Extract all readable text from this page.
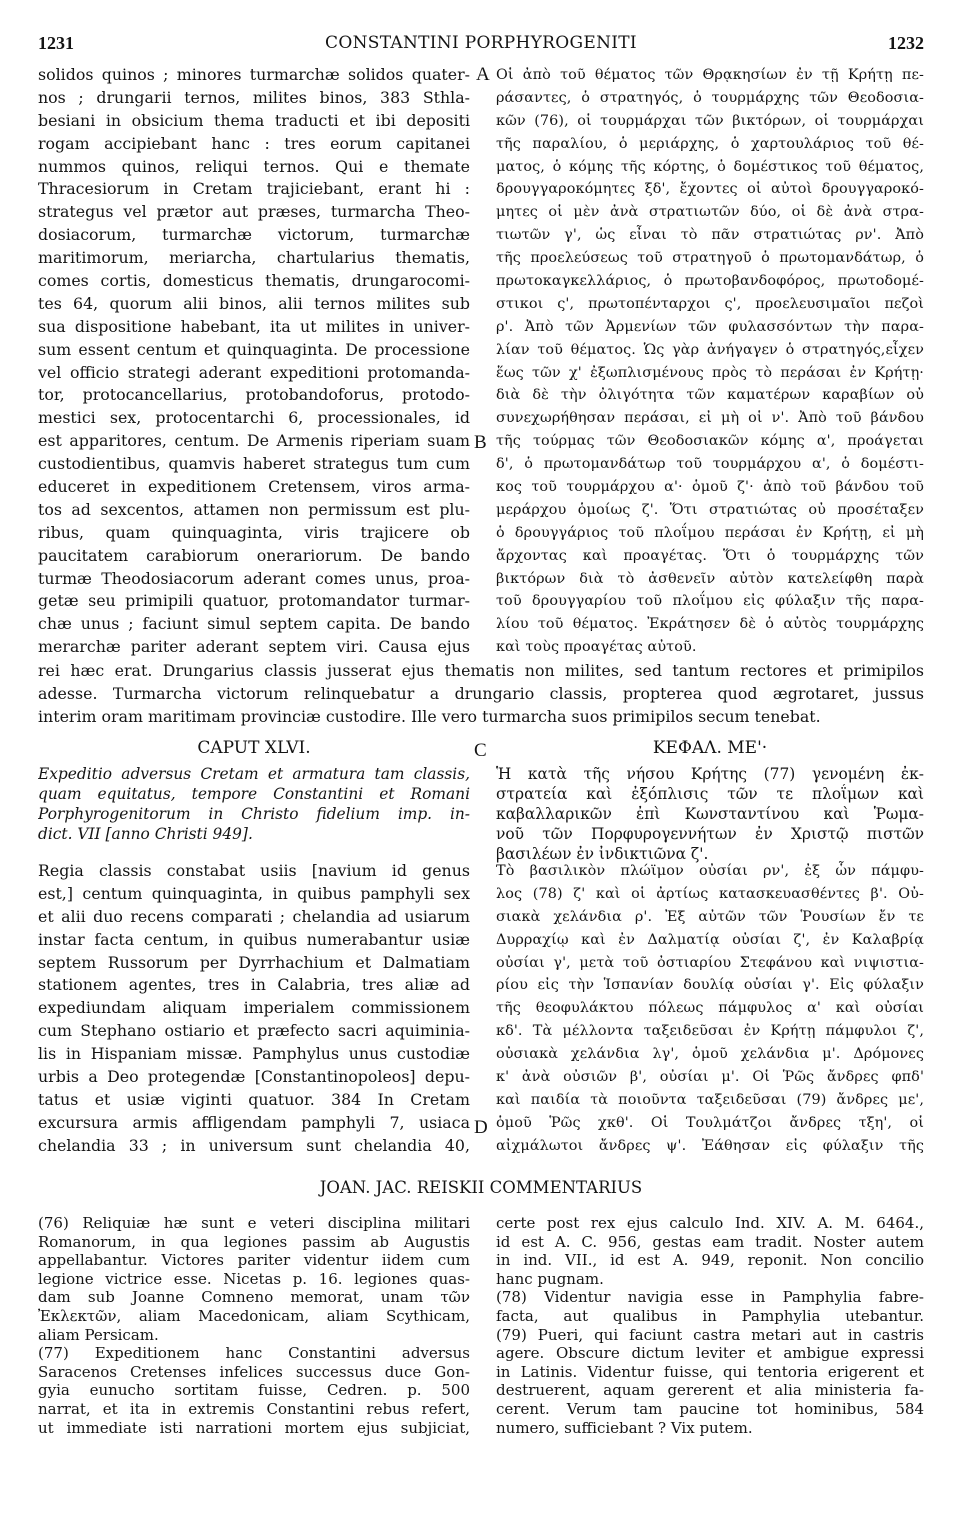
1231	CONSTANTINI PORPHYROGENITI	1232
solidos quinos ; minores turmarchæ solidos quater-
nos ; drungarii ternos, milites binos, 383 Sthla-
besiani in obsicium thema traducti et ibi depositi
rogam accipiebant hanc : tres eorum capitanei
nummos quinos, reliqui ternos. Qui e themate
Thracesiorum in Cretam trajiciebant, erant hi :
strategus vel prætor aut præses, turmarcha Theo-
dosiacorum, turmarchæ victorum, turmarchæ
maritimorum, meriarcha, chartularius thematis,
comes cortis, domesticus thematis, drungarocomi-
tes 64, quorum alii binos, alii ternos milites sub
sua dispositione habebant, ita ut milites in univer-
sum essent centum et quinquaginta. De processione
vel officio strategi aderant expeditioni protomanda-
tor, protocancellarius, protobandoforus, protodo-
mestici sex, protocentarchi 6, processionales, id
est apparitores, centum. De Armenis riperiam suam
custodientibus, quamvis haberet strategus tum cum
educeret in expeditionem Cretensem, viros arma-
tos ad sexcentos, attamen non permissum est plu-
ribus, quam quinquaginta, viris trajicere ob
paucitatem carabiorum onerariorum. De bando
turmæ Theodosiacorum aderant comes unus, proa-
getæ seu primipili quatuor, protomandator turmar-
chæ unus ; faciunt simul septem capita. De bando
merarchæ pariter aderant septem viri. Causa ejus
A
B
Οἱ ἀπὸ τοῦ θέματος τῶν Θρᾳκησίων ἐν τῇ Κρήτῃ πε-
ράσαντες, ὁ στρατηγός, ὁ τουρμάρχης τῶν Θεοδοσια-
κῶν (76), οἱ τουρμάρχαι τῶν βικτόρων, οἱ τουρμάρχαι
τῆς παραλίου, ὁ μεριάρχης, ὁ χαρτουλάριος τοῦ θέ-
ματος, ὁ κόμης τῆς κόρτης, ὁ δομέστικος τοῦ θέματος,
δρουγγαροκόμητες ξδ', ἔχοντες οἱ αὐτοὶ δρουγγαροκό-
μητες οἱ μὲν ἀνὰ στρατιωτῶν δύο, οἱ δὲ ἀνὰ στρα-
τιωτῶν γ', ὡς εἶναι τὸ πᾶν στρατιώτας ρν'. Ἀπὸ
τῆς προελεύσεως τοῦ στρατηγοῦ ὁ πρωτομανδάτωρ, ὁ
πρωτοκαγκελλάριος, ὁ πρωτοβανδοφόρος, πρωτοδομέ-
στικοι ς', πρωτοπένταρχοι ς', προελευσιμαῖοι πεζοὶ
ρ'. Ἀπὸ τῶν Ἀρμενίων τῶν φυλασσόντων τὴν παρα-
λίαν τοῦ θέματος. Ὡς γὰρ ἀνήγαγεν ὁ στρατηγός,εἶχεν
ἕως τῶν χ' ἐξωπλισμένους πρὸς τὸ περάσαι ἐν Κρήτῃ·
διὰ δὲ τὴν ὀλιγότητα τῶν καματέρων καραβίων οὐ
συνεχωρήθησαν περάσαι, εἰ μὴ οἱ ν'. Ἀπὸ τοῦ βάνδου
τῆς τούρμας τῶν Θεοδοσιακῶν κόμης α', προάγεται
δ', ὁ πρωτομανδάτωρ τοῦ τουρμάρχου α', ὁ δομέστι-
κος τοῦ τουρμάρχου α'· ὁμοῦ ζ'· ἀπὸ τοῦ βάνδου τοῦ
μεράρχου ὁμοίως ζ'. Ὅτι στρατιώτας οὐ προσέταξεν
ὁ δρουγγάριος τοῦ πλοΐμου περάσαι ἐν Κρήτῃ, εἰ μὴ
ἄρχοντας καὶ προαγέτας. Ὅτι ὁ τουρμάρχης τῶν
βικτόρων διὰ τὸ ἀσθενεῖν αὐτὸν κατελείφθη παρὰ
τοῦ δρουγγαρίου τοῦ πλοΐμου εἰς φύλαξιν τῆς παρα-
λίου τοῦ θέματος. Ἐκράτησεν δὲ ὁ αὐτὸς τουρμάρχης
καὶ τοὺς προαγέτας αὐτοῦ.
rei hæc erat. Drungarius classis jusserat ejus thematis non milites, sed tantum rectores et primipilos
adesse. Turmarcha victorum relinquebatur a drungario classis, propterea quod ægrotaret, jussus
interim oram maritimam provinciæ custodire. Ille vero turmarcha suos primipilos secum tenebat.
C
CAPUT XLVI.	ΚΕΦΑΛ. ΜΕ'·
Expeditio adversus Cretam et armatura tam classis,
quam equitatus, tempore Constantini et Romani
Porphyrogenitorum in Christo fidelium imp. in-
dict. VII [anno Christi 949].
Ἡ κατὰ τῆς νήσου Κρήτης (77) γενομένη ἐκ-
στρατεία καὶ ἐξόπλισις τῶν τε πλοΐμων καὶ
καβαλλαρικῶν ἐπὶ Κωνσταντίνου καὶ Ῥωμα-
νοῦ τῶν Πορφυρογεννήτων ἐν Χριστῷ πιστῶν
βασιλέων ἐν ἰνδικτιῶνα ζ'.
Regia classis constabat usiis [navium id genus
est,] centum quinquaginta, in quibus pamphyli sex
et alii duo recens comparati ; chelandia ad usiarum
instar facta centum, in quibus numerabantur usiæ
septem Russorum per Dyrrhachium et Dalmatiam
stationem agentes, tres in Calabria, tres aliæ ad
expediundam aliquam imperialem commissionem
cum Stephano ostiario et præfecto sacri aquiminia-
lis in Hispaniam missæ. Pamphylus unus custodiæ
urbis a Deo protegendæ [Constantinopoleos] depu-
tatus et usiæ viginti quatuor. 384 In Cretam
excursura armis affligendam pamphyli 7, usiaca
chelandia 33 ; in universum sunt chelandia 40,
D
Τὸ βασιλικὸν πλώϊμον οὐσίαι ρν', ἐξ ὧν πάμφυ-
λος (78) ζ' καὶ οἱ ἀρτίως κατασκευασθέντες β'. Οὐ-
σιακὰ χελάνδια ρ'. Ἐξ αὐτῶν τῶν Ῥουσίων ἔν τε
Δυρραχίῳ καὶ ἐν Δαλματίᾳ οὐσίαι ζ', ἐν Καλαβρίᾳ
οὐσίαι γ', μετὰ τοῦ ὀστιαρίου Στεφάνου καὶ νιψιστια-
ρίου εἰς τὴν Ἱσπανίαν δουλίᾳ οὐσίαι γ'. Εἰς φύλαξιν
τῆς θεοφυλάκτου πόλεως πάμφυλος α' καὶ οὐσίαι
κδ'. Τὰ μέλλοντα ταξειδεῦσαι ἐν Κρήτῃ πάμφυλοι ζ',
οὐσιακὰ χελάνδια λγ', ὁμοῦ χελάνδια μ'. Δρόμονες
κ' ἀνὰ οὐσιῶν β', οὐσίαι μ'. Οἱ Ῥῶς ἄνδρες φπδ'
καὶ παιδία τὰ ποιοῦντα ταξειδεῦσαι (79) ἄνδρες με',
ὁμοῦ Ῥῶς χκθ'. Οἱ Τουλμάτζοι ἄνδρες τξη', οἱ
αἰχμάλωτοι ἄνδρες ψ'. Ἐάθησαν εἰς φύλαξιν τῆς
JOAN. JAC. REISKII COMMENTARIUS
(76) Reliquiæ hæ sunt e veteri disciplina militari
Romanorum, in qua legiones passim ab Augustis
appellabantur. Victores pariter videntur iidem cum
legione victrice esse. Nicetas p. 16. legiones quas-
dam sub Joanne Comneno memorat, unam τῶν
Ἐκλεκτῶν, aliam Macedonicam, aliam Scythicam,
aliam Persicam.
(77) Expeditionem hanc Constantini adversus
Saracenos Cretenses infelices successus duce Gon-
gyia eunucho sortitam fuisse, Cedren. p. 500
narrat, et ita in extremis Constantini rebus refert,
ut immediate isti narrationi mortem ejus subjiciat,
certe post rex ejus calculo Ind. XIV. A. M. 6464.,
id est A. C. 956, gestas eam tradit. Noster autem
in ind. VII., id est A. 949, reponit. Non concilio
hanc pugnam.
(78) Videntur navigia esse in Pamphylia fabre-
facta, aut qualibus in Pamphylia utebantur.
(79) Pueri, qui faciunt castra metari aut in castris
agere. Obscure dictum leviter et ambigue expressi
in Latinis. Videntur fuisse, qui tentoria erigerent et
destruerent, aquam gererent et alia ministeria fa-
cerent. Verum tam paucine tot hominibus, 584
numero, sufficiebant ? Vix putem.
